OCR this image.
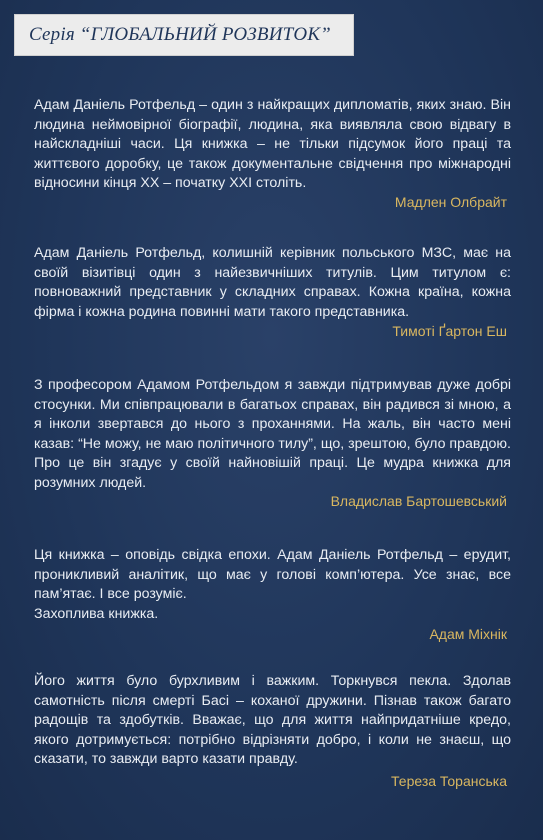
Серія “ГЛОБАЛЬНИЙ РОЗВИТОК”

Адам Даніель Ротфельд – один з найкращих дипломатів, яких знаю. Він людина неймовірної біографії, людина, яка виявляла свою відвагу в найскладніші часи. Ця книжка – не тільки підсумок його праці та життєвого доробку, це також документальне свідчення про міжнародні відносини кінця ХХ – початку ХХІ століть.

Мадлен Олбрайт

Адам Даніель Ротфельд, колишній керівник польського МЗС, має на своїй візитівці один з найезвичніших титулів. Цим титулом є: повноважний представник у складних справах. Кожна країна, кожна фірма і кожна родина повинні мати такого представника.

Тимоті Ґартон Еш

З професором Адамом Ротфельдом я завжди підтримував дуже добрі стосунки. Ми співпрацювали в багатьох справах, він радився зі мною, а я інколи звертався до нього з проханнями. На жаль, він часто мені казав: “Не можу, не маю політичного тилу”, що, зрештою, було правдою. Про це він згадує у своїй найновішій праці. Це мудра книжка для розумних людей.

Владислав Бартошевський

Ця книжка – оповідь свідка епохи. Адам Даніель Ротфельд – ерудит, проникливий аналітик, що має у голові комп’ютера. Усе знає, все пам’ятає. І все розуміє.

Захоплива книжка.

Адам Міхнік

Його життя було бурхливим і важким. Торкнувся пекла. Здолав самотність після смерті Басі – коханої дружини. Пізнав також багато радощів та здобутків. Вважає, що для життя найпридатніше кредо, якого дотримується: потрібно відрізняти добро, і коли не знаєш, що сказати, то завжди варто казати правду.

Тереза Торанська
